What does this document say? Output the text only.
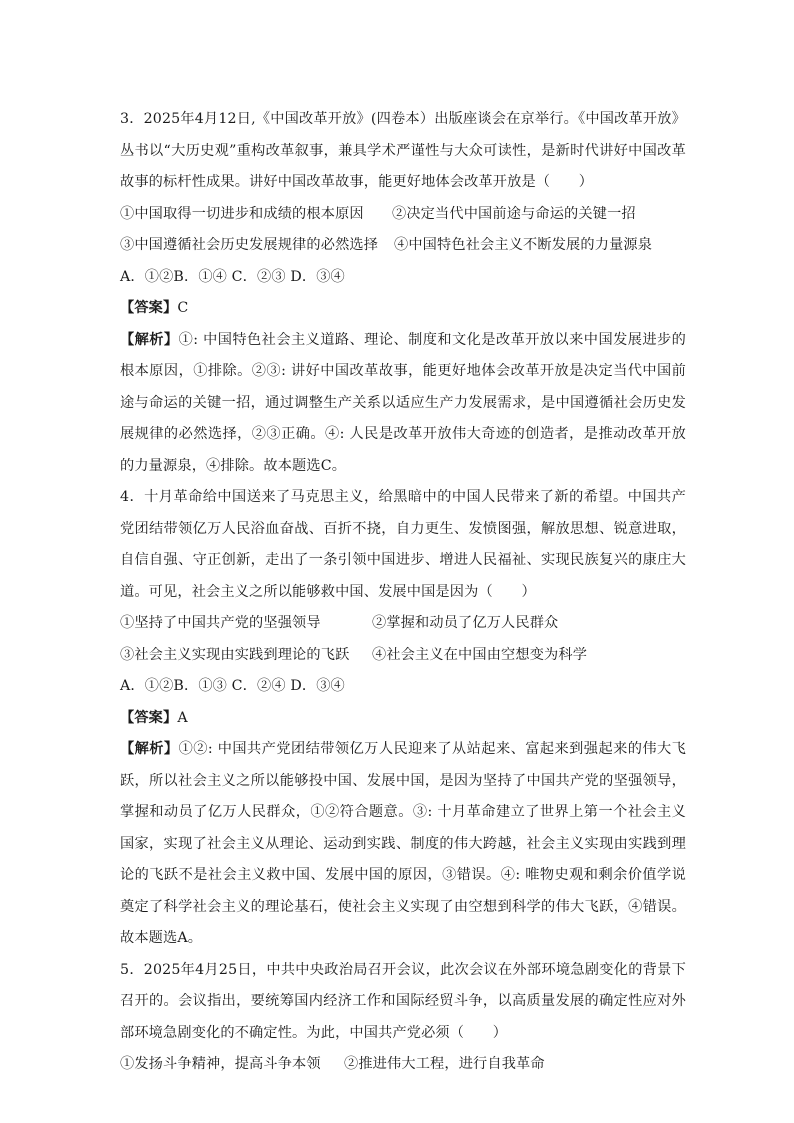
3．2025年4月12日,《中国改革开放》(四卷本）出版座谈会在京举行。《中国改革开放》丛书以“大历史观”重构改革叙事，兼具学术严谨性与大众可读性，是新时代讲好中国改革故事的标杆性成果。讲好中国改革故事，能更好地体会改革开放是（　　）

①中国取得一切进步和成绩的根本原因	②决定当代中国前途与命运的关键一招
③中国遵循社会历史发展规律的必然选择	④中国特色社会主义不断发展的力量源泉

A．①②B．①④ C．②③ D．③④

【答案】C

【解析】①: 中国特色社会主义道路、理论、制度和文化是改革开放以来中国发展进步的根本原因，①排除。②③: 讲好中国改革故事，能更好地体会改革开放是决定当代中国前途与命运的关键一招，通过调整生产关系以适应生产力发展需求，是中国遵循社会历史发展规律的必然选择，②③正确。④: 人民是改革开放伟大奇迹的创造者，是推动改革开放的力量源泉，④排除。故本题选C。

4．十月革命给中国送来了马克思主义，给黑暗中的中国人民带来了新的希望。中国共产党团结带领亿万人民浴血奋战、百折不挠，自力更生、发愤图强，解放思想、锐意进取，自信自强、守正创新，走出了一条引领中国进步、增进人民福祉、实现民族复兴的康庄大道。可见，社会主义之所以能够救中国、发展中国是因为（　　）

①坚持了中国共产党的坚强领导	②掌握和动员了亿万人民群众
③社会主义实现由实践到理论的飞跃	④社会主义在中国由空想变为科学

A．①②B．①③ C．②④ D．③④

【答案】A

【解析】①②: 中国共产党团结带领亿万人民迎来了从站起来、富起来到强起来的伟大飞跃，所以社会主义之所以能够投中国、发展中国，是因为坚持了中国共产党的坚强领导，掌握和动员了亿万人民群众，①②符合题意。③: 十月革命建立了世界上第一个社会主义国家，实现了社会主义从理论、运动到实践、制度的伟大跨越，社会主义实现由实践到理论的飞跃不是社会主义救中国、发展中国的原因，③错误。④: 唯物史观和剩余价值学说奠定了科学社会主义的理论基石，使社会主义实现了由空想到科学的伟大飞跃，④错误。故本题选A。

5．2025年4月25日，中共中央政治局召开会议，此次会议在外部环境急剧变化的背景下召开的。会议指出，要统筹国内经济工作和国际经贸斗争，以高质量发展的确定性应对外部环境急剧变化的不确定性。为此，中国共产党必须（　　）

①发扬斗争精神，提高斗争本领	②推进伟大工程，进行自我革命
